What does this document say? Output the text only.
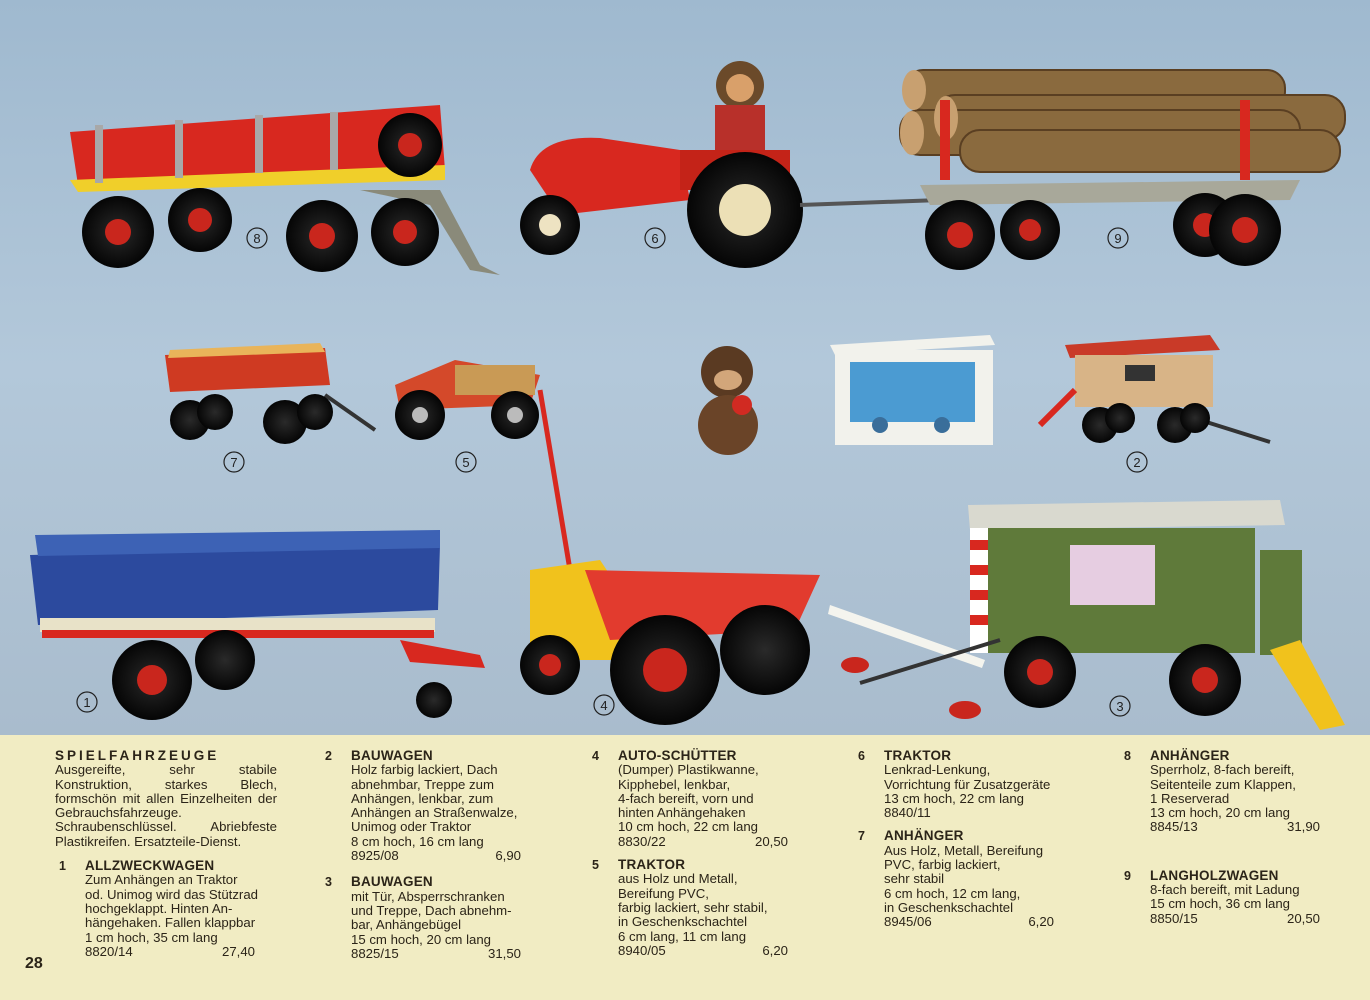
8	6	9
7	5	2
1	4	3
SPIELFAHRZEUGE
Ausgereifte, sehr stabile Konstruktion, starkes Blech, formschön mit allen Einzelheiten der Gebrauchsfahrzeuge. Schraubenschlüssel. Abriebfeste Plastikreifen. Ersatzteile-Dienst.
1 ALLZWECKWAGEN
Zum Anhängen an Traktor
od. Unimog wird das Stützrad
hochgeklappt. Hinten An-
hängehaken. Fallen klappbar
1 cm hoch, 35 cm lang
8820/14	27,40
2 BAUWAGEN
Holz farbig lackiert, Dach
abnehmbar, Treppe zum
Anhängen, lenkbar, zum
Anhängen an Straßenwalze,
Unimog oder Traktor
8 cm hoch, 16 cm lang
8925/08	6,90
3 BAUWAGEN
mit Tür, Absperrschranken
und Treppe, Dach abnehm-
bar, Anhängebügel
15 cm hoch, 20 cm lang
8825/15	31,50
4 AUTO-SCHÜTTER
(Dumper) Plastikwanne,
Kipphebel, lenkbar,
4-fach bereift, vorn und
hinten Anhängehaken
10 cm hoch, 22 cm lang
8830/22	20,50
5 TRAKTOR
aus Holz und Metall,
Bereifung PVC,
farbig lackiert, sehr stabil,
in Geschenkschachtel
6 cm lang, 11 cm lang
8940/05	6,20
6 TRAKTOR
Lenkrad-Lenkung,
Vorrichtung für Zusatzgeräte
13 cm hoch, 22 cm lang
8840/11
7 ANHÄNGER
Aus Holz, Metall, Bereifung
PVC, farbig lackiert,
sehr stabil
6 cm hoch, 12 cm lang,
in Geschenkschachtel
8945/06	6,20
8 ANHÄNGER
Sperrholz, 8-fach bereift,
Seitenteile zum Klappen,
1 Reserverad
13 cm hoch, 20 cm lang
8845/13	31,90
9 LANGHOLZWAGEN
8-fach bereift, mit Ladung
15 cm hoch, 36 cm lang
8850/15	20,50
28
